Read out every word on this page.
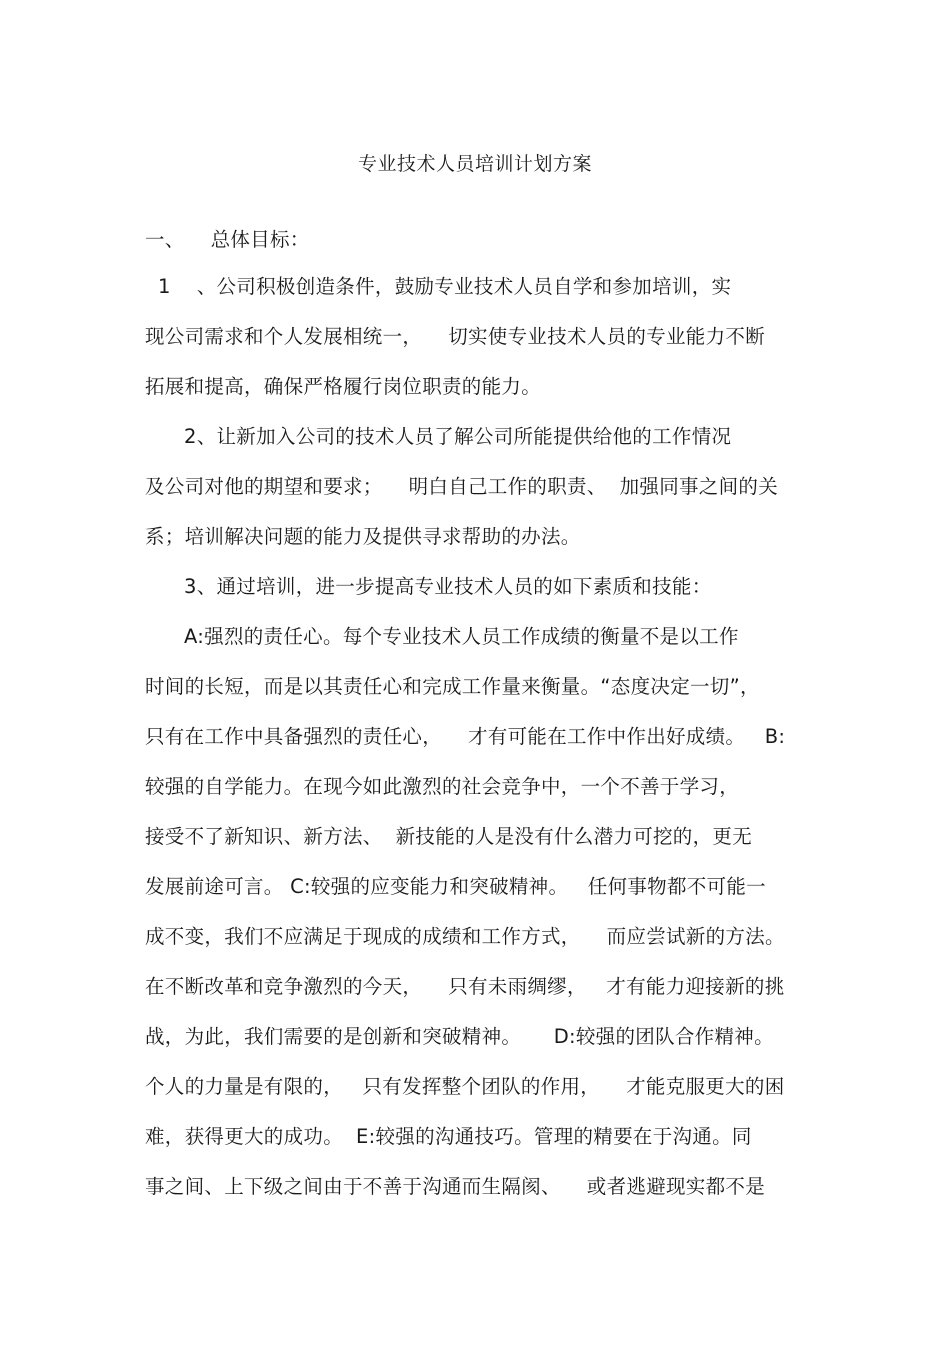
专业技术人员培训计划方案
一、    总体目标：
1    、公司积极创造条件，鼓励专业技术人员自学和参加培训，实
现公司需求和个人发展相统一，    切实使专业技术人员的专业能力不断
拓展和提高，确保严格履行岗位职责的能力。
2、让新加入公司的技术人员了解公司所能提供给他的工作情况
及公司对他的期望和要求；    明白自己工作的职责、  加强同事之间的关
系；培训解决问题的能力及提供寻求帮助的办法。
3、通过培训，进一步提高专业技术人员的如下素质和技能：
A:强烈的责任心。每个专业技术人员工作成绩的衡量不是以工作
时间的长短，而是以其责任心和完成工作量来衡量。“态度决定一切”，
只有在工作中具备强烈的责任心，    才有可能在工作中作出好成绩。   B:
较强的自学能力。在现今如此激烈的社会竞争中，一个不善于学习，
接受不了新知识、新方法、  新技能的人是没有什么潜力可挖的，更无
发展前途可言。 C:较强的应变能力和突破精神。   任何事物都不可能一
成不变，我们不应满足于现成的成绩和工作方式，    而应尝试新的方法。
在不断改革和竞争激烈的今天，    只有未雨绸缪，   才有能力迎接新的挑
战，为此，我们需要的是创新和突破精神。     D:较强的团队合作精神。
个人的力量是有限的，   只有发挥整个团队的作用，    才能克服更大的困
难，获得更大的成功。  E:较强的沟通技巧。管理的精要在于沟通。同
事之间、上下级之间由于不善于沟通而生隔阂、    或者逃避现实都不是
